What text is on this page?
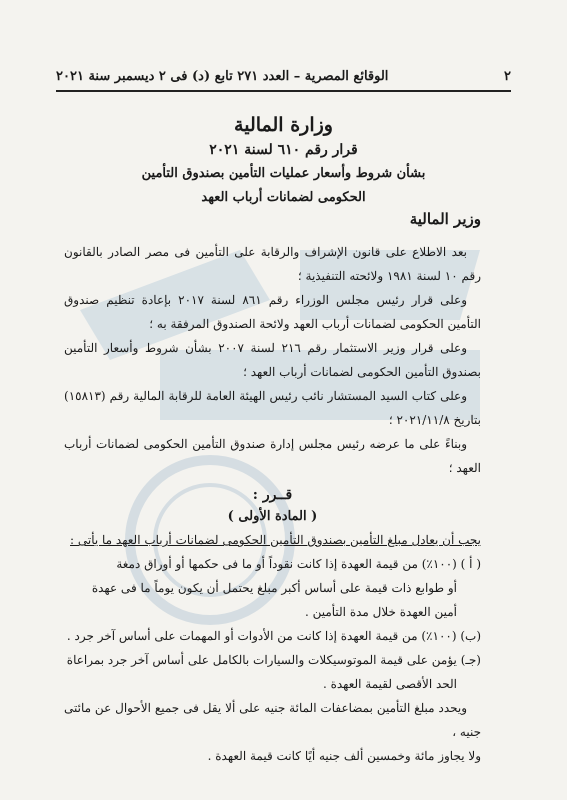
٢
الوقائع المصرية – العدد ٢٧١ تابع (د) فى ٢ ديسمبر سنة ٢٠٢١
وزارة المالية
قرار رقم ٦١٠ لسنة ٢٠٢١
بشأن شروط وأسعار عمليات التأمين بصندوق التأمين
الحكومى لضمانات أرباب العهد
وزير المالية

بعد الاطلاع على قانون الإشراف والرقابة على التأمين فى مصر الصادر بالقانون رقم ١٠ لسنة ١٩٨١ ولائحته التنفيذية ؛

وعلى قرار رئيس مجلس الوزراء رقم ٨٦١ لسنة ٢٠١٧ بإعادة تنظيم صندوق التأمين الحكومى لضمانات أرباب العهد ولائحة الصندوق المرفقة به ؛

وعلى قرار وزير الاستثمار رقم ٢١٦ لسنة ٢٠٠٧ بشأن شروط وأسعار التأمين بصندوق التأمين الحكومى لضمانات أرباب العهد ؛

وعلى كتاب السيد المستشار نائب رئيس الهيئة العامة للرقابة المالية رقم (١٥٨١٣) بتاريخ ٢٠٢١/١١/٨ ؛

وبناءً على ما عرضه رئيس مجلس إدارة صندوق التأمين الحكومى لضمانات أرباب العهد ؛

قــرر :

( المادة الأولى )

يجب أن يعادل مبلغ التأمين بصندوق التأمين الحكومى لضمانات أرباب العهد ما يأتى :

( أ ) (١٠٠٪) من قيمة العهدة إذا كانت نقوداً أو ما فى حكمها أو أوراق دمغة

أو طوابع ذات قيمة على أساس أكبر مبلغ يحتمل أن يكون يوماً ما فى عهدة

أمين العهدة خلال مدة التأمين .

(ب) (١٠٠٪) من قيمة العهدة إذا كانت من الأدوات أو المهمات على أساس آخر جرد .

(جـ) يؤمن على قيمة الموتوسيكلات والسيارات بالكامل على أساس آخر جرد بمراعاة

الحد الأقصى لقيمة العهدة .

ويحدد مبلغ التأمين بمضاعفات المائة جنيه على ألا يقل فى جميع الأحوال عن مائتى جنيه ،

ولا يجاوز مائة وخمسين ألف جنيه أيًا كانت قيمة العهدة .
